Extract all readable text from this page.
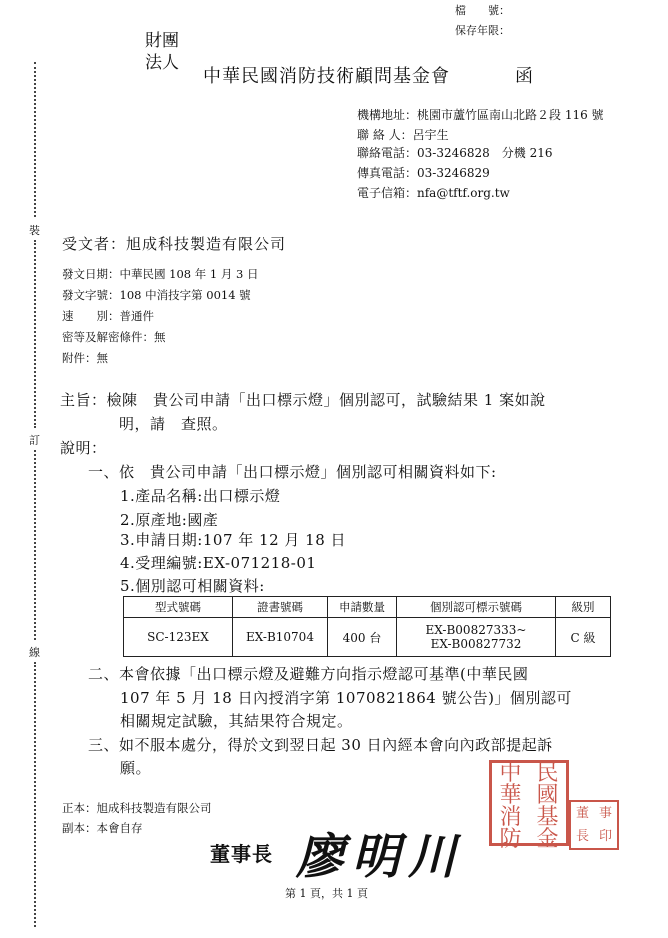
檔　　號：
保存年限：
裝
訂
線
財團
法人
中華民國消防技術顧問基金會	函
機構地址：桃園市蘆竹區南山北路２段 116 號
聯 絡 人：呂宇生
聯絡電話：03-3246828　分機 216
傳真電話：03-3246829
電子信箱：nfa@tftf.org.tw
受文者：旭成科技製造有限公司
發文日期：中華民國 108 年 1 月 3 日
發文字號：108 中消技字第 0014 號
速　　別：普通件
密等及解密條件：無
附件：無
主旨：檢陳　貴公司申請「出口標示燈」個別認可，試驗結果 1 案如說
明，請　查照。
說明：
一、依　貴公司申請「出口標示燈」個別認可相關資料如下:
1.產品名稱:出口標示燈
2.原產地:國產
3.申請日期:107 年 12 月 18 日
4.受理編號:EX-071218-01
5.個別認可相關資料:
型式號碼	證書號碼	申請數量	個別認可標示號碼	級別
SC-123EX	EX-B10704	400 台	EX-B00827333~
EX-B00827732	C 級
二、本會依據「出口標示燈及避難方向指示燈認可基準(中華民國
107 年 5 月 18 日內授消字第 1070821864 號公告)」個別認可
相關規定試驗，其結果符合規定。
三、如不服本處分，得於文到翌日起 30 日內經本會向內政部提起訴
願。
正本：旭成科技製造有限公司
副本：本會自存
中華
民國
消防
基金
董 事
長 印
董事長 廖明川
第 1 頁，共 1 頁
